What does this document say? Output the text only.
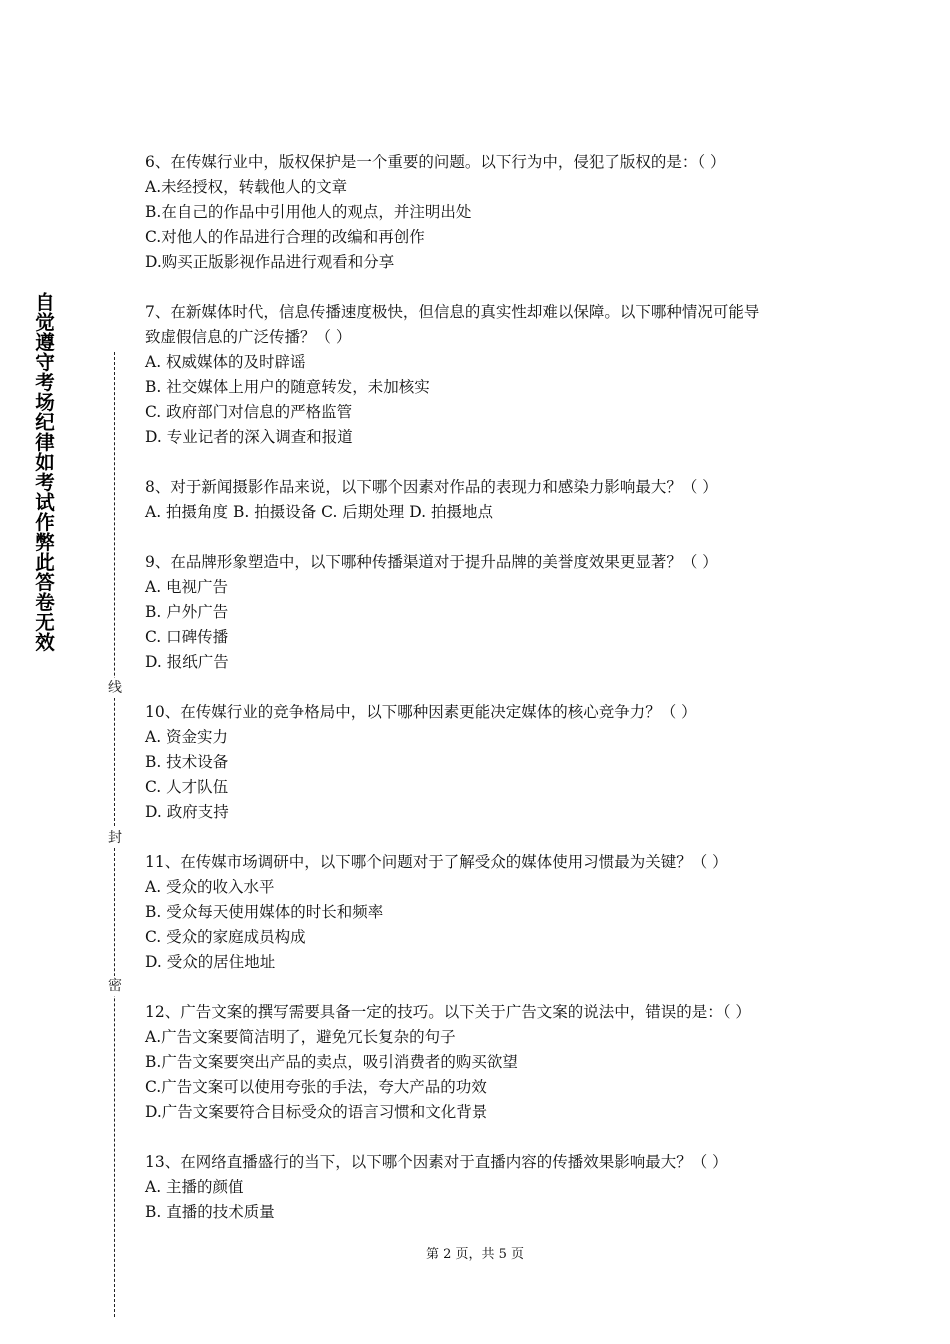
自觉遵守考场纪律如考试作弊此答卷无效
线
封
密
6、在传媒行业中，版权保护是一个重要的问题。以下行为中，侵犯了版权的是：（ ）
A.未经授权，转载他人的文章
B.在自己的作品中引用他人的观点，并注明出处
C.对他人的作品进行合理的改编和再创作
D.购买正版影视作品进行观看和分享
7、在新媒体时代，信息传播速度极快，但信息的真实性却难以保障。以下哪种情况可能导
致虚假信息的广泛传播？（ ）
A. 权威媒体的及时辟谣
B. 社交媒体上用户的随意转发，未加核实
C. 政府部门对信息的严格监管
D. 专业记者的深入调查和报道
8、对于新闻摄影作品来说，以下哪个因素对作品的表现力和感染力影响最大？（ ）
A. 拍摄角度 B. 拍摄设备 C. 后期处理 D. 拍摄地点
9、在品牌形象塑造中，以下哪种传播渠道对于提升品牌的美誉度效果更显著？（ ）
A. 电视广告
B. 户外广告
C. 口碑传播
D. 报纸广告
10、在传媒行业的竞争格局中，以下哪种因素更能决定媒体的核心竞争力？（ ）
A. 资金实力
B. 技术设备
C. 人才队伍
D. 政府支持
11、在传媒市场调研中，以下哪个问题对于了解受众的媒体使用习惯最为关键？（ ）
A. 受众的收入水平
B. 受众每天使用媒体的时长和频率
C. 受众的家庭成员构成
D. 受众的居住地址
12、广告文案的撰写需要具备一定的技巧。以下关于广告文案的说法中，错误的是：（ ）
A.广告文案要简洁明了，避免冗长复杂的句子
B.广告文案要突出产品的卖点，吸引消费者的购买欲望
C.广告文案可以使用夸张的手法，夸大产品的功效
D.广告文案要符合目标受众的语言习惯和文化背景
13、在网络直播盛行的当下，以下哪个因素对于直播内容的传播效果影响最大？（ ）
A. 主播的颜值
B. 直播的技术质量
第 2 页，共 5 页
